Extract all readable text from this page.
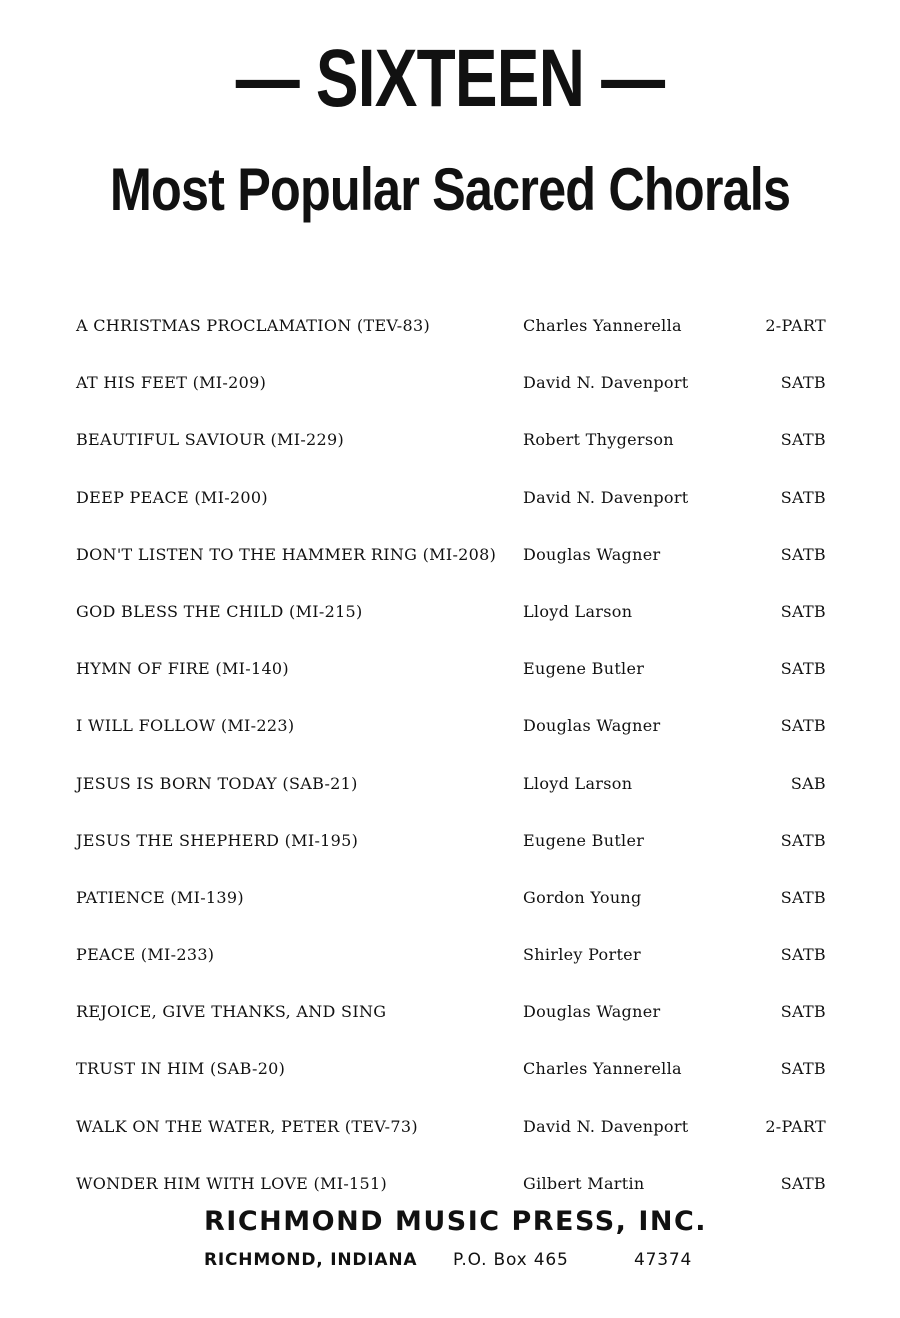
— SIXTEEN —
Most Popular Sacred Chorals
A CHRISTMAS PROCLAMATION (TEV-83)	Charles Yannerella	2-PART
AT HIS FEET (MI-209)	David N. Davenport	SATB
BEAUTIFUL SAVIOUR (MI-229)	Robert Thygerson	SATB
DEEP PEACE (MI-200)	David N. Davenport	SATB
DON'T LISTEN TO THE HAMMER RING (MI-208) Douglas Wagner	SATB
GOD BLESS THE CHILD (MI-215)	Lloyd Larson	SATB
HYMN OF FIRE (MI-140)	Eugene Butler	SATB
I WILL FOLLOW (MI-223)	Douglas Wagner	SATB
JESUS IS BORN TODAY (SAB-21)	Lloyd Larson	SAB
JESUS THE SHEPHERD (MI-195)	Eugene Butler	SATB
PATIENCE (MI-139)	Gordon Young	SATB
PEACE (MI-233)	Shirley Porter	SATB
REJOICE, GIVE THANKS, AND SING	Douglas Wagner	SATB
TRUST IN HIM (SAB-20)	Charles Yannerella	SATB
WALK ON THE WATER, PETER (TEV-73)	David N. Davenport	2-PART
WONDER HIM WITH LOVE (MI-151)	Gilbert Martin	SATB
RICHMOND MUSIC PRESS, INC.
RICHMOND, INDIANA P.O. Box 465	47374
